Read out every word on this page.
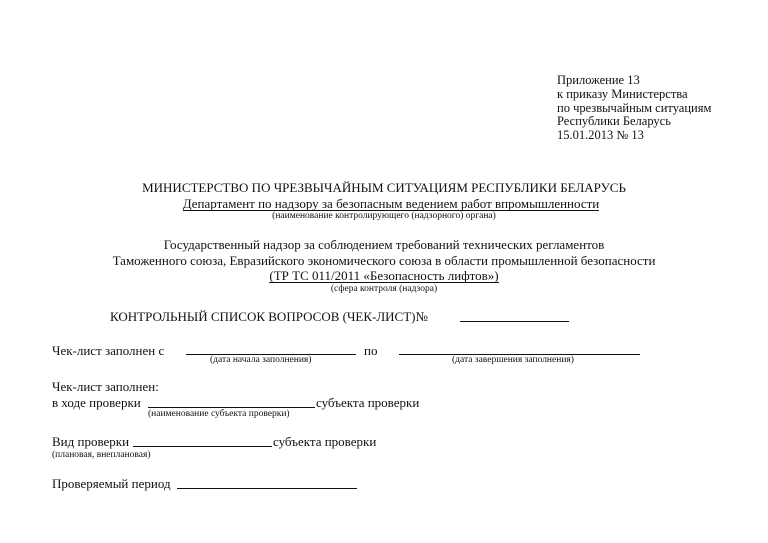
Приложение 13
к приказу Министерства
по чрезвычайным ситуациям
Республики Беларусь
15.01.2013 № 13
МИНИСТЕРСТВО ПО ЧРЕЗВЫЧАЙНЫМ СИТУАЦИЯМ РЕСПУБЛИКИ БЕЛАРУСЬ
Департамент по надзору за безопасным ведением работ впромышленности
(наименование контролирующего (надзорного) органа)
Государственный надзор за соблюдением требований технических регламентов
Таможенного союза, Евразийского экономического союза в области промышленной безопасности
(ТР ТС 011/2011 «Безопасность лифтов»)
(сфера контроля (надзора)
КОНТРОЛЬНЫЙ СПИСОК ВОПРОСОВ (ЧЕК-ЛИСТ)№
Чек-лист заполнен с
(дата начала заполнения)
по
(дата завершения заполнения)
Чек-лист заполнен:
в ходе проверки	субъекта проверки
(наименование субъекта проверки)
Вид проверки	субъекта проверки
(плановая, внеплановая)
Проверяемый период
